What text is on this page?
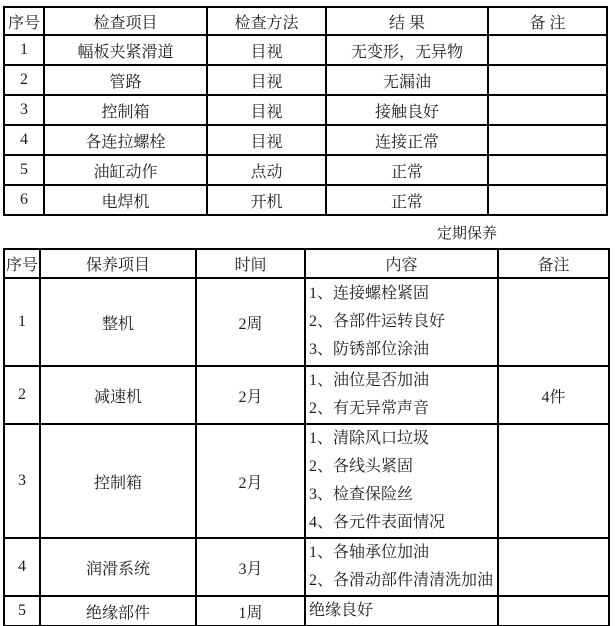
序号	检查项目	检查方法	结 果	备 注
1	幅板夹紧滑道	目视	无变形，无异物	
2	管路	目视	无漏油	
3	控制箱	目视	接触良好	
4	各连拉螺栓	目视	连接正常	
5	油缸动作	点动	正常	
6	电焊机	开机	正常	
定期保养
序号	保养项目	时间	内容	备注
1	整机	2周	1、连接螺栓紧固
2、各部件运转良好
3、防锈部位涂油	

2	减速机	2月	1、油位是否加油
2、有无异常声音	4件
3	控制箱	2月	1、清除风口垃圾
2、各线头紧固
3、检查保险丝
4、各元件表面情况	

4	润滑系统	3月	1、各轴承位加油
2、各滑动部件清清洗加油	

5	绝缘部件	1周	绝缘良好	
